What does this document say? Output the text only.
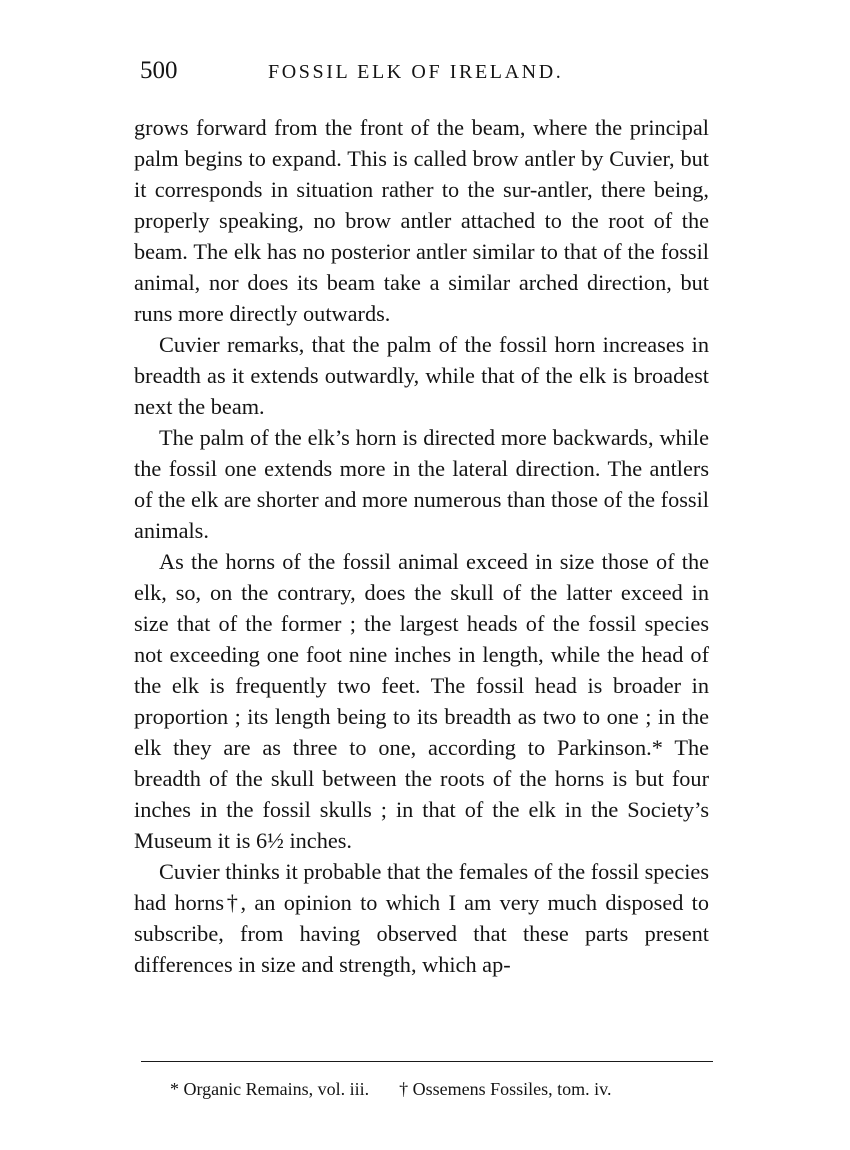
500	FOSSIL ELK OF IRELAND.

grows forward from the front of the beam, where the principal palm begins to expand. This is called brow antler by Cuvier, but it corresponds in situation rather to the sur-antler, there being, properly speaking, no brow antler attached to the root of the beam. The elk has no posterior antler similar to that of the fossil animal, nor does its beam take a similar arched direction, but runs more directly outwards.

Cuvier remarks, that the palm of the fossil horn increases in breadth as it extends outwardly, while that of the elk is broadest next the beam.

The palm of the elk’s horn is directed more backwards, while the fossil one extends more in the lateral direction. The antlers of the elk are shorter and more numerous than those of the fossil animals.

As the horns of the fossil animal exceed in size those of the elk, so, on the contrary, does the skull of the latter exceed in size that of the former ; the largest heads of the fossil species not exceeding one foot nine inches in length, while the head of the elk is frequently two feet. The fossil head is broader in proportion ; its length being to its breadth as two to one ; in the elk they are as three to one, according to Parkinson.* The breadth of the skull between the roots of the horns is but four inches in the fossil skulls ; in that of the elk in the Society’s Museum it is 6½ inches.

Cuvier thinks it probable that the females of the fossil species had horns†, an opinion to which I am very much disposed to subscribe, from having observed that these parts present differences in size and strength, which ap-

* Organic Remains, vol. iii. † Ossemens Fossiles, tom. iv.
